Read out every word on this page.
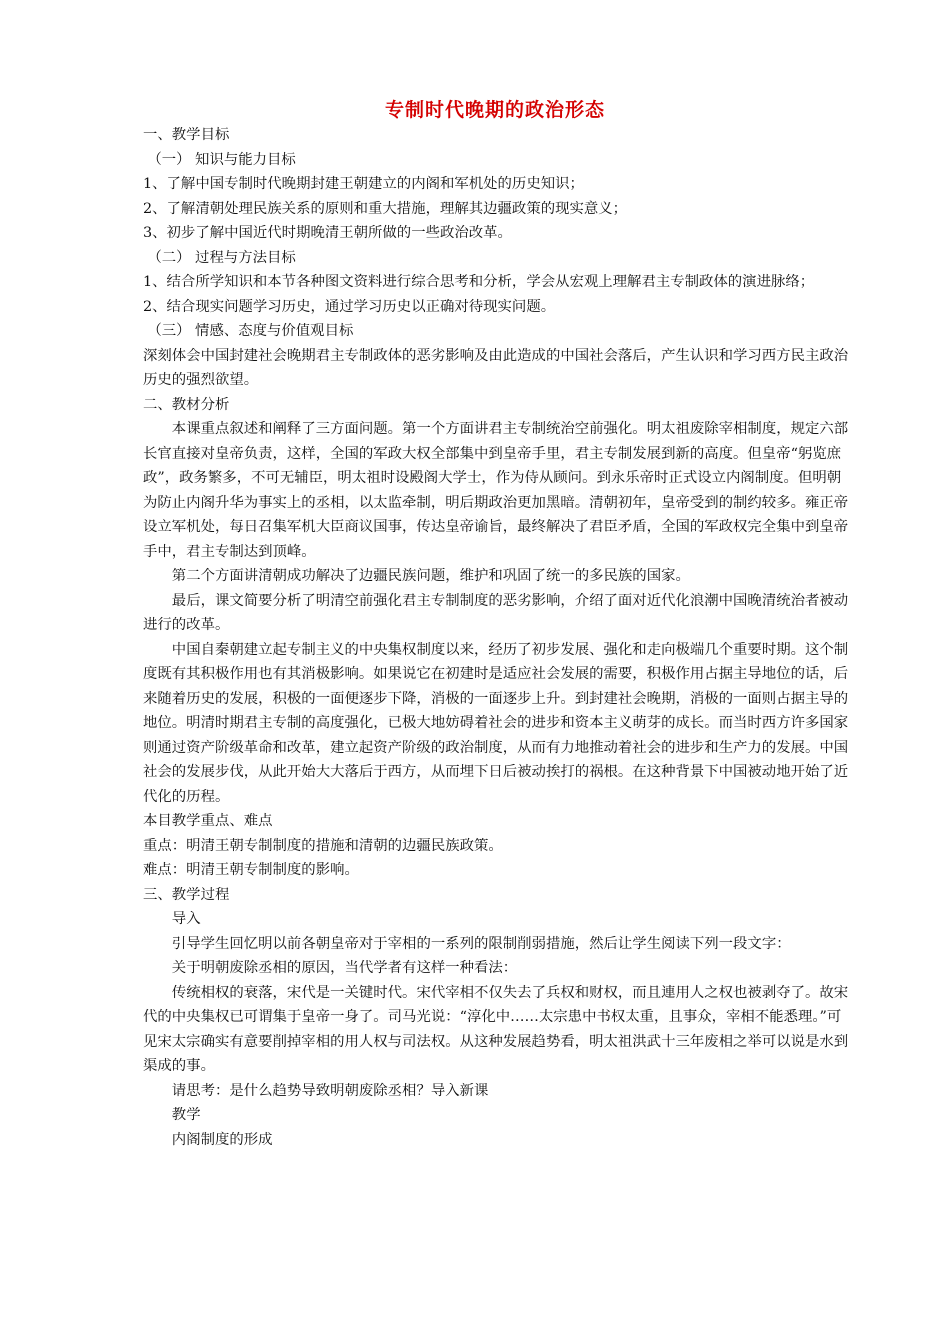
专制时代晚期的政治形态

一、教学目标

（一） 知识与能力目标

1、了解中国专制时代晚期封建王朝建立的内阁和军机处的历史知识；

2、了解清朝处理民族关系的原则和重大措施，理解其边疆政策的现实意义；

3、初步了解中国近代时期晚清王朝所做的一些政治改革。

（二） 过程与方法目标

1、结合所学知识和本节各种图文资料进行综合思考和分析，学会从宏观上理解君主专制政体的演进脉络；

2、结合现实问题学习历史，通过学习历史以正确对待现实问题。

（三） 情感、态度与价值观目标

深刻体会中国封建社会晚期君主专制政体的恶劣影响及由此造成的中国社会落后，产生认识和学习西方民主政治历史的强烈欲望。

二、教材分析

本课重点叙述和阐释了三方面问题。第一个方面讲君主专制统治空前强化。明太祖废除宰相制度，规定六部长官直接对皇帝负责，这样，全国的军政大权全部集中到皇帝手里，君主专制发展到新的高度。但皇帝“躬览庶政”，政务繁多，不可无辅臣，明太祖时设殿阁大学士，作为侍从顾问。到永乐帝时正式设立内阁制度。但明朝为防止内阁升华为事实上的丞相，以太监牵制，明后期政治更加黑暗。清朝初年，皇帝受到的制约较多。雍正帝设立军机处，每日召集军机大臣商议国事，传达皇帝谕旨，最终解决了君臣矛盾，全国的军政权完全集中到皇帝手中，君主专制达到顶峰。

第二个方面讲清朝成功解决了边疆民族问题，维护和巩固了统一的多民族的国家。

最后，课文简要分析了明清空前强化君主专制制度的恶劣影响，介绍了面对近代化浪潮中国晚清统治者被动进行的改革。

中国自秦朝建立起专制主义的中央集权制度以来，经历了初步发展、强化和走向极端几个重要时期。这个制度既有其积极作用也有其消极影响。如果说它在初建时是适应社会发展的需要，积极作用占据主导地位的话，后来随着历史的发展，积极的一面便逐步下降，消极的一面逐步上升。到封建社会晚期，消极的一面则占据主导的地位。明清时期君主专制的高度强化，已极大地妨碍着社会的进步和资本主义萌芽的成长。而当时西方许多国家则通过资产阶级革命和改革，建立起资产阶级的政治制度，从而有力地推动着社会的进步和生产力的发展。中国社会的发展步伐，从此开始大大落后于西方，从而埋下日后被动挨打的祸根。在这种背景下中国被动地开始了近代化的历程。

本目教学重点、难点

重点：明清王朝专制制度的措施和清朝的边疆民族政策。

难点：明清王朝专制制度的影响。

三、教学过程

导入

引导学生回忆明以前各朝皇帝对于宰相的一系列的限制削弱措施，然后让学生阅读下列一段文字：

关于明朝废除丞相的原因，当代学者有这样一种看法：

传统相权的衰落，宋代是一关键时代。宋代宰相不仅失去了兵权和财权，而且連用人之权也被剥夺了。故宋代的中央集权已可谓集于皇帝一身了。司马光说：“淳化中……太宗患中书权太重，且事众，宰相不能悉理。”可见宋太宗确实有意要削掉宰相的用人权与司法权。从这种发展趋势看，明太祖洪武十三年废相之举可以说是水到渠成的事。

请思考：是什么趋势导致明朝废除丞相？导入新课

教学

内阁制度的形成
